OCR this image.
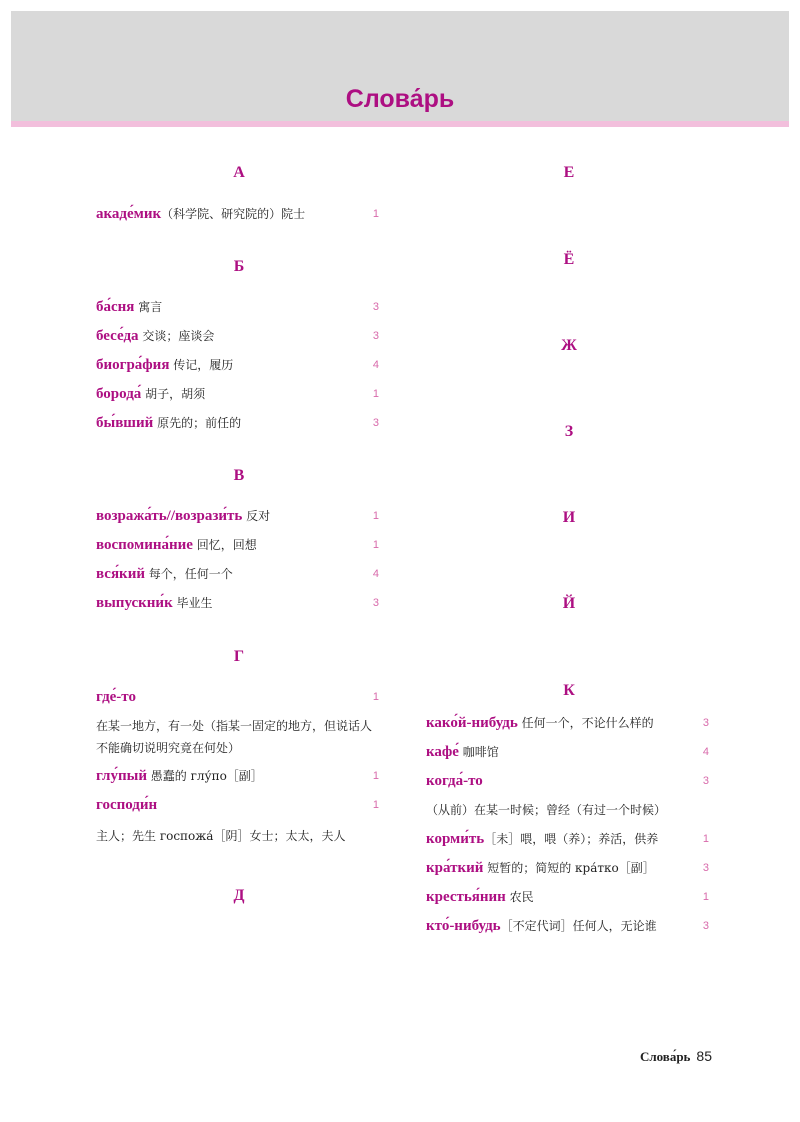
Слова́рь
А
акаде́мик（科学院、研究院的）院士	1
Б
ба́сня 寓言	3
бесе́да 交谈；座谈会	3
биогра́фия 传记，履历	4
борода́ 胡子，胡须	1
бы́вший 原先的；前任的	3
В
возража́ть//возрази́ть 反对	1
воспомина́ние 回忆，回想	1
вся́кий 每个，任何一个	4
выпускни́к 毕业生	3
Г
где́-то	1

在某一地方，有一处（指某一固定的地方，但说话人不能确切说明究竟在何处）

глу́пый 愚蠢的 глу́по［副］	1
господи́н	1

主人；先生 госпожа́［阴］女士；太太，夫人

Д
Е
Ё
Ж
З
И
Й
К
како́й-нибудь 任何一个，不论什么样的	3
кафе́ 咖啡馆	4
когда́-то	3

（从前）在某一时候；曾经（有过一个时候）

корми́ть［未］喂，喂（养）；养活，供养	1
кра́ткий 短暂的；简短的 кра́тко［副］	3
крестья́нин 农民	1
кто́-нибудь［不定代词］任何人，无论谁	3
Слова́рь 85
